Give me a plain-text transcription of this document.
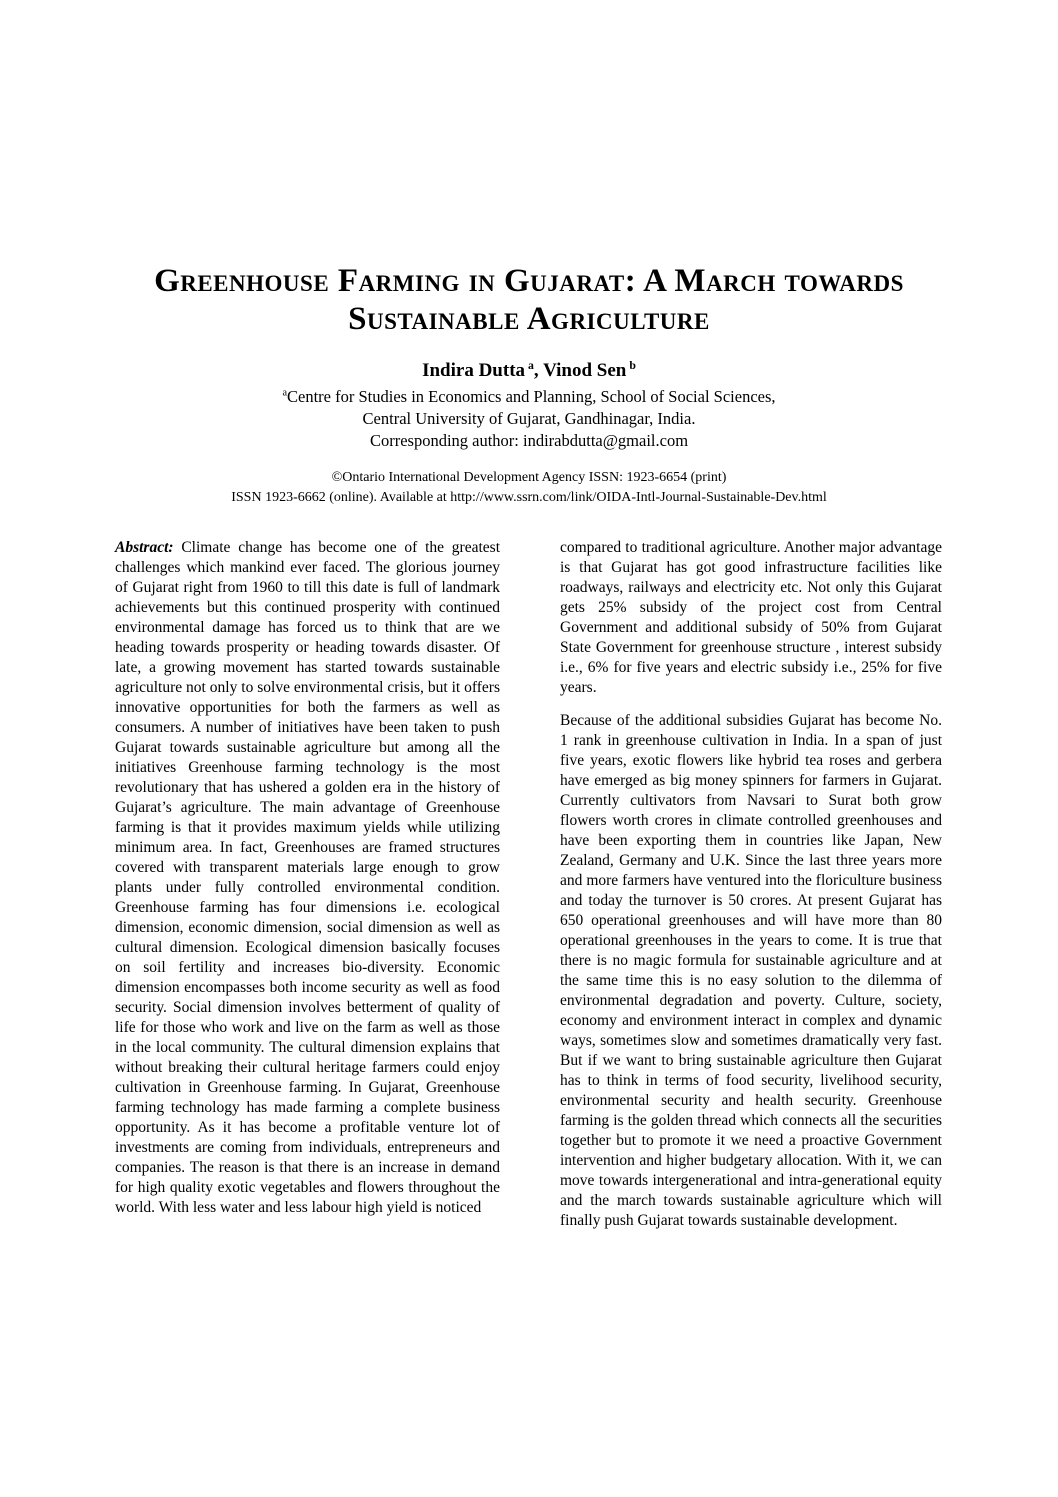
Greenhouse Farming in Gujarat: A March towards
Sustainable Agriculture
Indira Dutta $^a$, Vinod Sen $^b$
$^a$Centre for Studies in Economics and Planning, School of Social Sciences,
Central University of Gujarat, Gandhinagar, India.
Corresponding author: indirabdutta@gmail.com
©Ontario International Development Agency ISSN: 1923-6654 (print)
ISSN 1923-6662 (online). Available at http://www.ssrn.com/link/OIDA-Intl-Journal-Sustainable-Dev.html

Abstract: Climate change has become one of the greatest challenges which mankind ever faced. The glorious journey of Gujarat right from 1960 to till this date is full of landmark achievements but this continued prosperity with continued environmental damage has forced us to think that are we heading towards prosperity or heading towards disaster. Of late, a growing movement has started towards sustainable agriculture not only to solve environmental crisis, but it offers innovative opportunities for both the farmers as well as consumers. A number of initiatives have been taken to push Gujarat towards sustainable agriculture but among all the initiatives Greenhouse farming technology is the most revolutionary that has ushered a golden era in the history of Gujarat’s agriculture. The main advantage of Greenhouse farming is that it provides maximum yields while utilizing minimum area. In fact, Greenhouses are framed structures covered with transparent materials large enough to grow plants under fully controlled environmental condition. Greenhouse farming has four dimensions i.e. ecological dimension, economic dimension, social dimension as well as cultural dimension. Ecological dimension basically focuses on soil fertility and increases bio-diversity. Economic dimension encompasses both income security as well as food security. Social dimension involves betterment of quality of life for those who work and live on the farm as well as those in the local community. The cultural dimension explains that without breaking their cultural heritage farmers could enjoy cultivation in Greenhouse farming. In Gujarat, Greenhouse farming technology has made farming a complete business opportunity. As it has become a profitable venture lot of investments are coming from individuals, entrepreneurs and companies. The reason is that there is an increase in demand for high quality exotic vegetables and flowers throughout the world. With less water and less labour high yield is noticed

compared to traditional agriculture. Another major advantage is that Gujarat has got good infrastructure facilities like roadways, railways and electricity etc. Not only this Gujarat gets 25% subsidy of the project cost from Central Government and additional subsidy of 50% from Gujarat State Government for greenhouse structure , interest subsidy i.e., 6% for five years and electric subsidy i.e., 25% for five years.

Because of the additional subsidies Gujarat has become No. 1 rank in greenhouse cultivation in India. In a span of just five years, exotic flowers like hybrid tea roses and gerbera have emerged as big money spinners for farmers in Gujarat. Currently cultivators from Navsari to Surat both grow flowers worth crores in climate controlled greenhouses and have been exporting them in countries like Japan, New Zealand, Germany and U.K. Since the last three years more and more farmers have ventured into the floriculture business and today the turnover is 50 crores. At present Gujarat has 650 operational greenhouses and will have more than 80 operational greenhouses in the years to come. It is true that there is no magic formula for sustainable agriculture and at the same time this is no easy solution to the dilemma of environmental degradation and poverty. Culture, society, economy and environment interact in complex and dynamic ways, sometimes slow and sometimes dramatically very fast. But if we want to bring sustainable agriculture then Gujarat has to think in terms of food security, livelihood security, environmental security and health security. Greenhouse farming is the golden thread which connects all the securities together but to promote it we need a proactive Government intervention and higher budgetary allocation. With it, we can move towards intergenerational and intra-generational equity and the march towards sustainable agriculture which will finally push Gujarat towards sustainable development.
